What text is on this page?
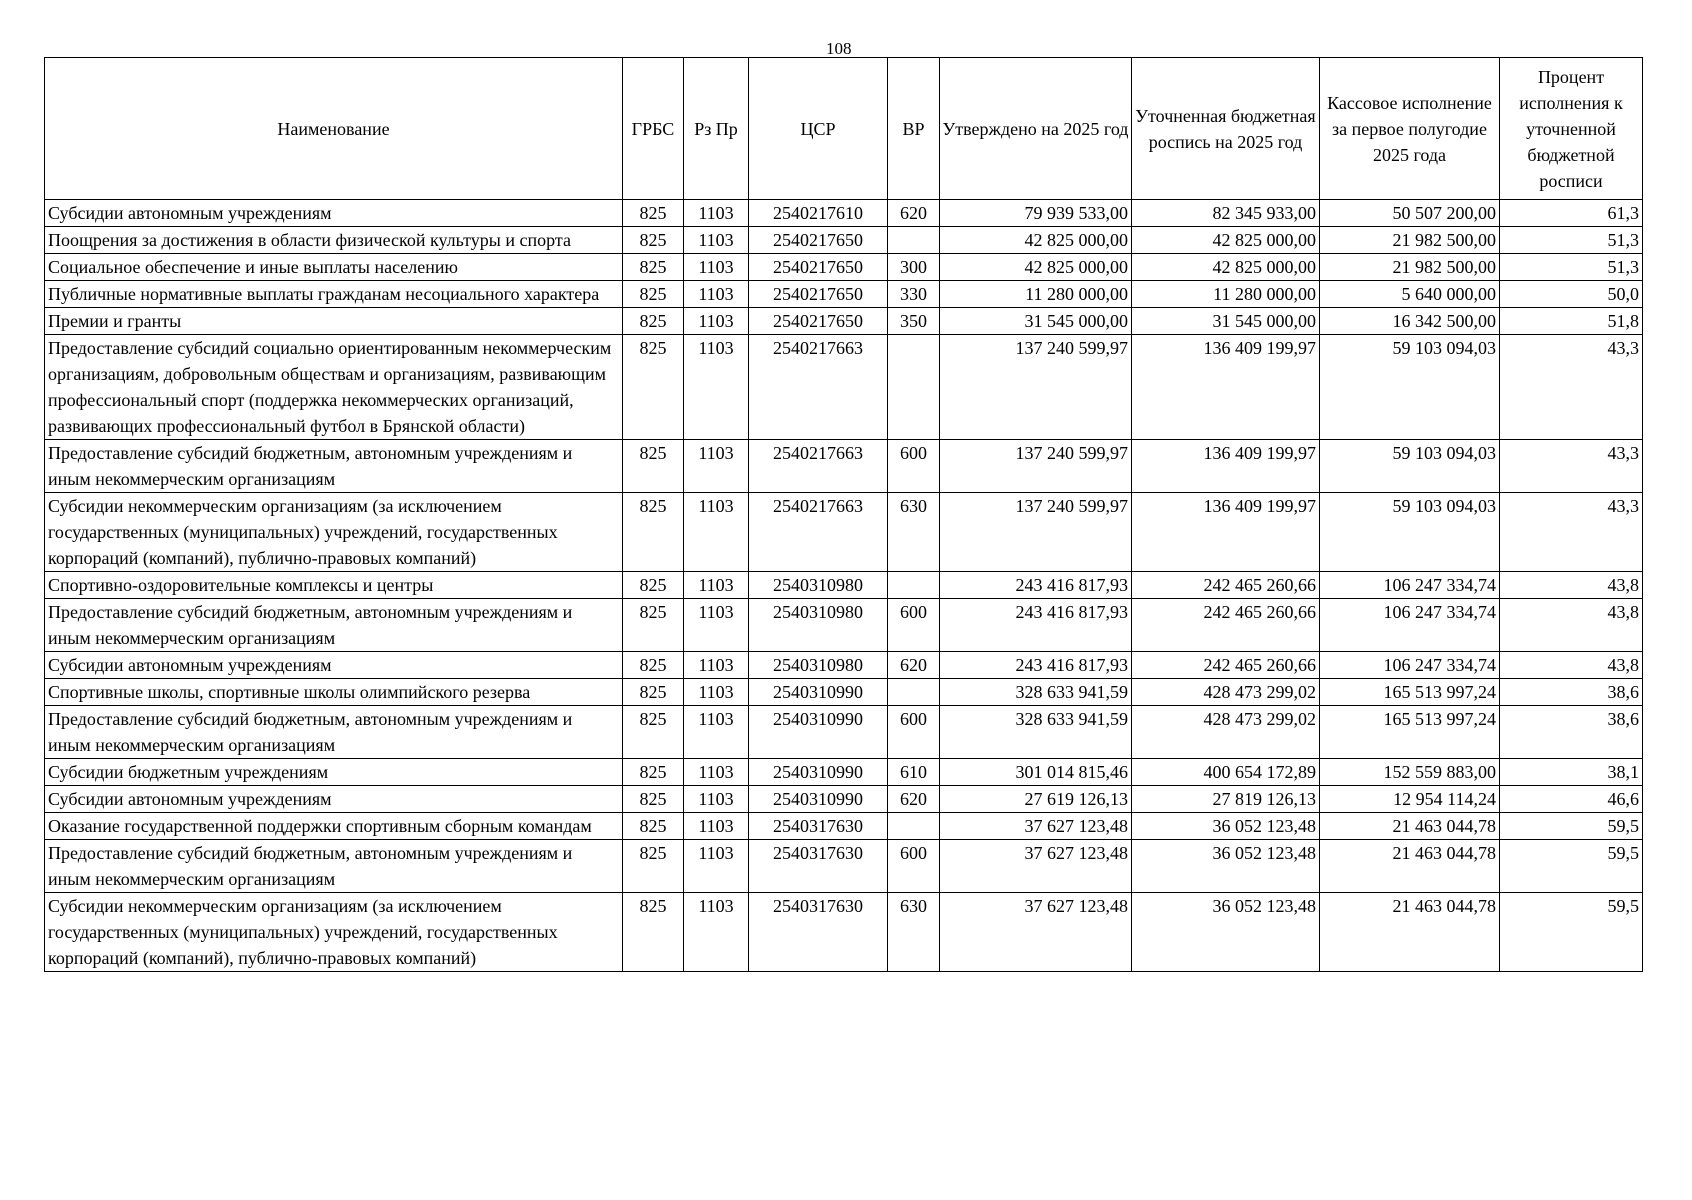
108
Наименование	ГРБС	Рз Пр	ЦСР	ВР	Утверждено на 2025 год	Уточненная бюджетная роспись на 2025 год	Кассовое исполнение за первое полугодие 2025 года	Процент исполнения к уточненной бюджетной росписи
Субсидии автономным учреждениям	825	1103	2540217610	620	79 939 533,00	82 345 933,00	50 507 200,00	61,3
Поощрения за достижения в области физической культуры и спорта	825	1103	2540217650		42 825 000,00	42 825 000,00	21 982 500,00	51,3
Социальное обеспечение и иные выплаты населению	825	1103	2540217650	300	42 825 000,00	42 825 000,00	21 982 500,00	51,3
Публичные нормативные выплаты гражданам несоциального характера	825	1103	2540217650	330	11 280 000,00	11 280 000,00	5 640 000,00	50,0
Премии и гранты	825	1103	2540217650	350	31 545 000,00	31 545 000,00	16 342 500,00	51,8
Предоставление субсидий социально ориентированным некоммерческим организациям, добровольным обществам и организациям, развивающим профессиональный спорт (поддержка некоммерческих организаций, развивающих профессиональный футбол в Брянской области)	825	1103	2540217663		137 240 599,97	136 409 199,97	59 103 094,03	43,3
Предоставление субсидий бюджетным, автономным учреждениям и иным некоммерческим организациям	825	1103	2540217663	600	137 240 599,97	136 409 199,97	59 103 094,03	43,3
Субсидии некоммерческим организациям (за исключением государственных (муниципальных) учреждений, государственных корпораций (компаний), публично-правовых компаний)	825	1103	2540217663	630	137 240 599,97	136 409 199,97	59 103 094,03	43,3
Спортивно-оздоровительные комплексы и центры	825	1103	2540310980		243 416 817,93	242 465 260,66	106 247 334,74	43,8
Предоставление субсидий бюджетным, автономным учреждениям и иным некоммерческим организациям	825	1103	2540310980	600	243 416 817,93	242 465 260,66	106 247 334,74	43,8
Субсидии автономным учреждениям	825	1103	2540310980	620	243 416 817,93	242 465 260,66	106 247 334,74	43,8
Спортивные школы, спортивные школы олимпийского резерва	825	1103	2540310990		328 633 941,59	428 473 299,02	165 513 997,24	38,6
Предоставление субсидий бюджетным, автономным учреждениям и иным некоммерческим организациям	825	1103	2540310990	600	328 633 941,59	428 473 299,02	165 513 997,24	38,6
Субсидии бюджетным учреждениям	825	1103	2540310990	610	301 014 815,46	400 654 172,89	152 559 883,00	38,1
Субсидии автономным учреждениям	825	1103	2540310990	620	27 619 126,13	27 819 126,13	12 954 114,24	46,6
Оказание государственной поддержки спортивным сборным командам	825	1103	2540317630		37 627 123,48	36 052 123,48	21 463 044,78	59,5
Предоставление субсидий бюджетным, автономным учреждениям и иным некоммерческим организациям	825	1103	2540317630	600	37 627 123,48	36 052 123,48	21 463 044,78	59,5
Субсидии некоммерческим организациям (за исключением государственных (муниципальных) учреждений, государственных корпораций (компаний), публично-правовых компаний)	825	1103	2540317630	630	37 627 123,48	36 052 123,48	21 463 044,78	59,5
